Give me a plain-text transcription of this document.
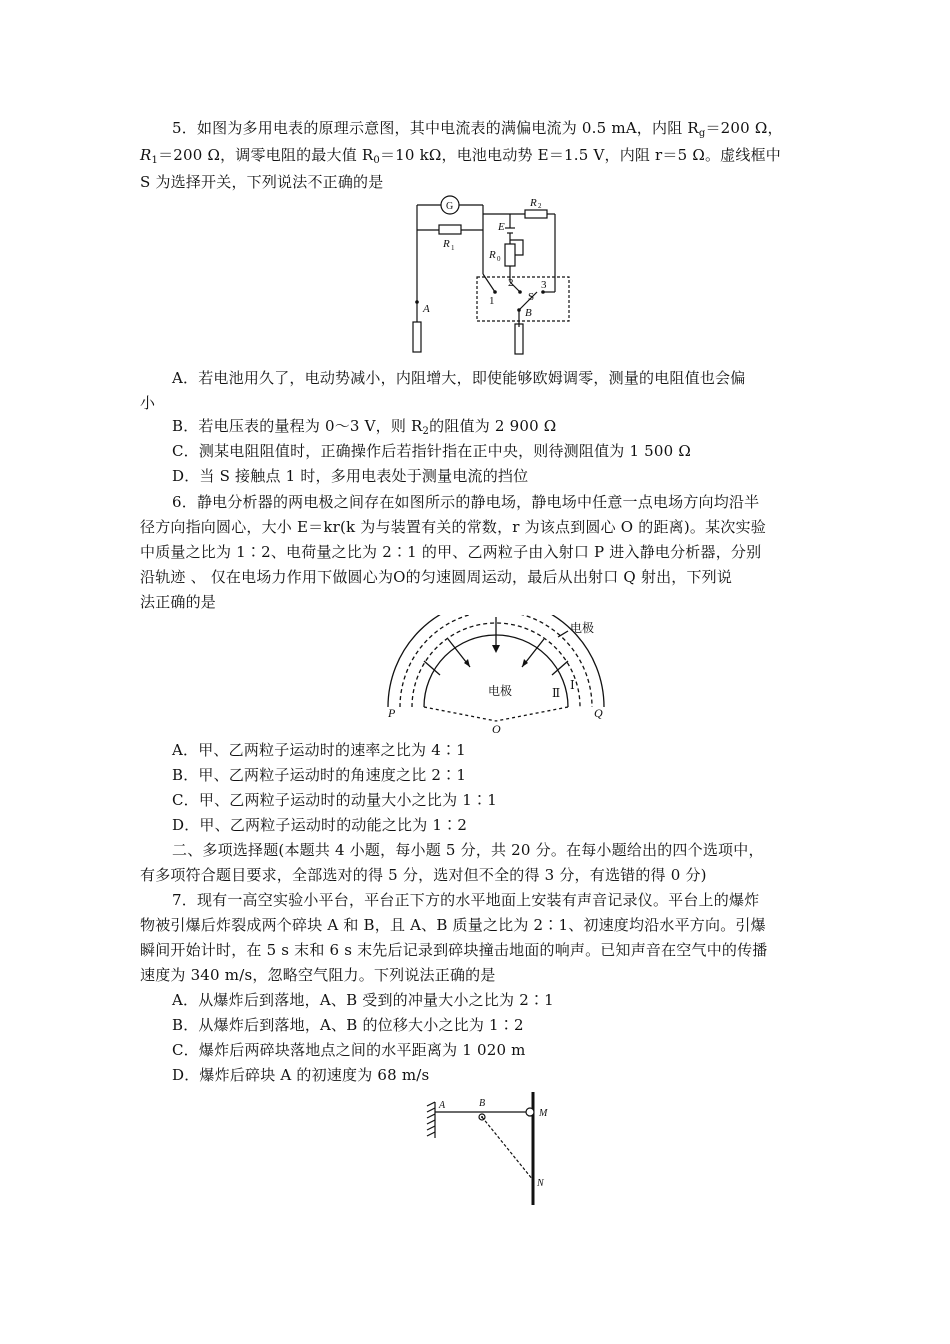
5．如图为多用电表的原理示意图，其中电流表的满偏电流为 0.5 mA，内阻 $R_g=200$ Ω，
$R_1=200$ Ω，调零电阻的最大值 $R_0=10$ kΩ，电池电动势 E＝1.5 V，内阻 r＝5 Ω。虚线框中
S 为选择开关，下列说法不正确的是
G	R 2
E
R 1
R 0
1
2	3
S
A	B
A．若电池用久了，电动势减小，内阻增大，即使能够欧姆调零，测量的电阻值也会偏
小
B．若电压表的量程为 0～3 V，则 $R_2$的阻值为 2 900 Ω
C．测某电阻阻值时，正确操作后若指针指在正中央，则待测阻值为 1 500 Ω
D．当 S 接触点 1 时，多用电表处于测量电流的挡位
6．静电分析器的两电极之间存在如图所示的静电场，静电场中任意一点电场方向均沿半
径方向指向圆心，大小 E＝kr(k 为与装置有关的常数，r 为该点到圆心 O 的距离)。某次实验
中质量之比为 1∶2、电荷量之比为 2∶1 的甲、乙两粒子由入射口 P 进入静电分析器，分别
沿轨迹 、 仅在电场力作用下做圆心为O的匀速圆周运动，最后从出射口 Q 射出，下列说
法正确的是
电极
电极	Ⅰ
Ⅱ
P	Q
O
A．甲、乙两粒子运动时的速率之比为 4∶1
B．甲、乙两粒子运动时的角速度之比 2∶1
C．甲、乙两粒子运动时的动量大小之比为 1∶1
D．甲、乙两粒子运动时的动能之比为 1∶2
二、多项选择题(本题共 4 小题，每小题 5 分，共 20 分。在每小题给出的四个选项中，
有多项符合题目要求，全部选对的得 5 分，选对但不全的得 3 分，有选错的得 0 分)
7．现有一高空实验小平台，平台正下方的水平地面上安装有声音记录仪。平台上的爆炸
物被引爆后炸裂成两个碎块 A 和 B，且 A、B 质量之比为 2∶1、初速度均沿水平方向。引爆
瞬间开始计时，在 5 s 末和 6 s 末先后记录到碎块撞击地面的响声。已知声音在空气中的传播
速度为 340 m/s，忽略空气阻力。下列说法正确的是
A．从爆炸后到落地，A、B 受到的冲量大小之比为 2∶1
B．从爆炸后到落地，A、B 的位移大小之比为 1∶2
C．爆炸后两碎块落地点之间的水平距离为 1 020 m
D．爆炸后碎块 A 的初速度为 68 m/s
A	B
M
N
